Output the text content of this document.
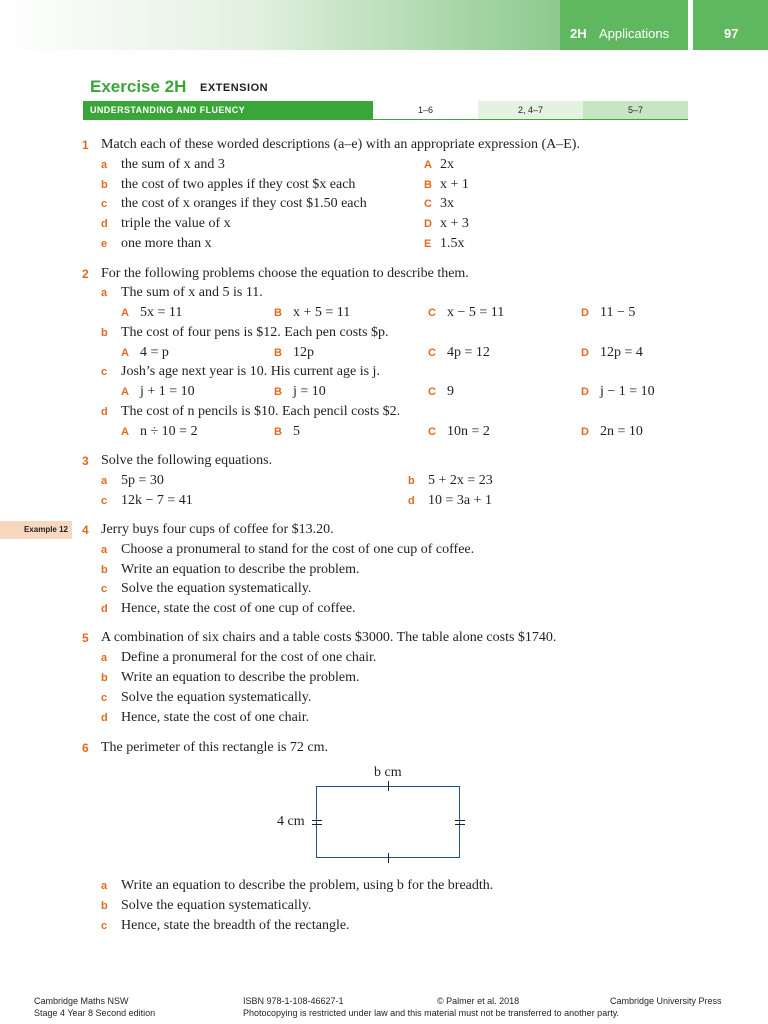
2H Applications	97
Exercise 2H EXTENSION
UNDERSTANDING AND FLUENCY	1–6	2, 4–7	5–7
1 Match each of these worded descriptions (a–e) with an appropriate expression (A–E).
a the sum of x and 3	A 2x
b the cost of two apples if they cost $x each	B x + 1
c the cost of x oranges if they cost $1.50 each	C 3x
d triple the value of x	D x + 3
e one more than x	E 1.5x
2 For the following problems choose the equation to describe them.
a The sum of x and 5 is 11.
A 5x = 11	B x + 5 = 11	C x − 5 = 11	D 11 − 5
b The cost of four pens is $12. Each pen costs $p.
A 4 = p	B 12p	C 4p = 12	D 12p = 4
c Josh’s age next year is 10. His current age is j.
A j + 1 = 10	B j = 10	C 9	D j − 1 = 10
d The cost of n pencils is $10. Each pencil costs $2.
A n ÷ 10 = 2	B 5	C 10n = 2	D 2n = 10
3 Solve the following equations.
a 5p = 30	b 5 + 2x = 23
c 12k − 7 = 41	d 10 = 3a + 1
Example 12	4 Jerry buys four cups of coffee for $13.20.
a Choose a pronumeral to stand for the cost of one cup of coffee.
b Write an equation to describe the problem.
c Solve the equation systematically.
d Hence, state the cost of one cup of coffee.
5 A combination of six chairs and a table costs $3000. The table alone costs $1740.
a Define a pronumeral for the cost of one chair.
b Write an equation to describe the problem.
c Solve the equation systematically.
d Hence, state the cost of one chair.
6 The perimeter of this rectangle is 72 cm.
b cm
4 cm
a Write an equation to describe the problem, using b for the breadth.
b Solve the equation systematically.
c Hence, state the breadth of the rectangle.
Cambridge Maths NSW
Stage 4 Year 8 Second edition
ISBN 978-1-108-46627-1	© Palmer et al. 2018
Photocopying is restricted under law and this material must not be transferred to another party.
Cambridge University Press
